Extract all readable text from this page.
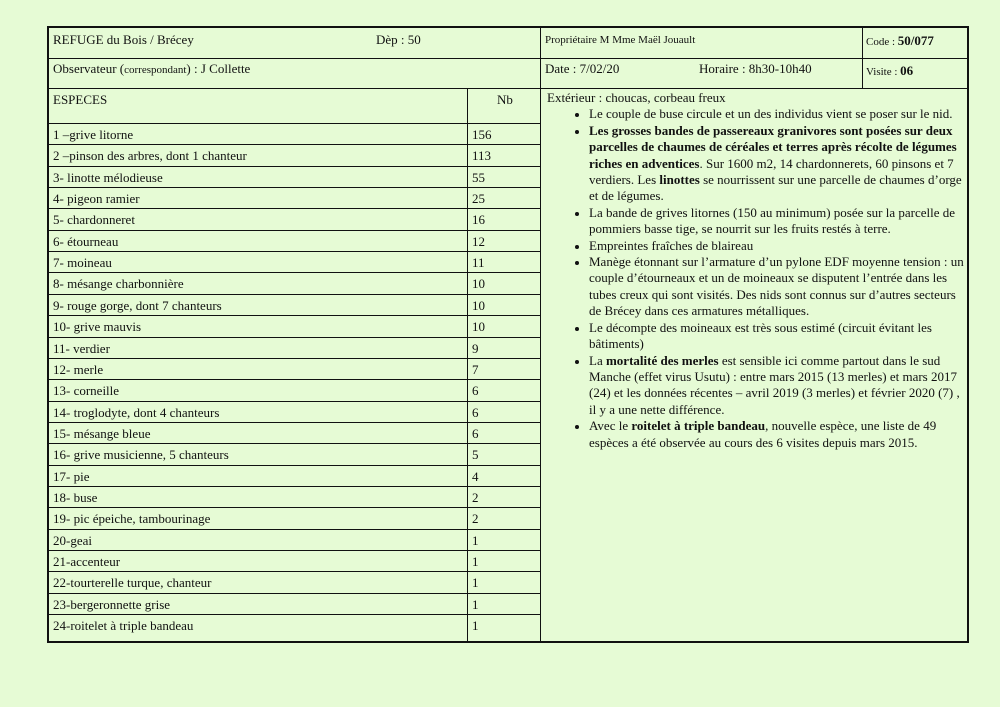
REFUGE du Bois / Brécey	Dèp : 50	Propriétaire M Mme Maël Jouault	Code : 50/077
Observateur (correspondant) : J Collette	Date : 7/02/20	Horaire : 8h30-10h40	Visite : 06
ESPECES	Nb	Extérieur : choucas, corbeau freux
• Le couple de buse circule et un des individus vient se poser sur le nid.
• Les grosses bandes de passereaux granivores sont posées sur deux parcelles de chaumes de céréales et terres après récolte de légumes riches en adventices. Sur 1600 m2, 14 chardonnerets, 60 pinsons et 7 verdiers. Les linottes se nourrissent sur une parcelle de chaumes d’orge et de légumes.
• La bande de grives litornes (150 au minimum) posée sur la parcelle de pommiers basse tige, se nourrit sur les fruits restés à terre.
• Empreintes fraîches de blaireau
• Manège étonnant sur l’armature d’un pylone EDF moyenne tension : un couple d’étourneaux et un de moineaux se disputent l’entrée dans les tubes creux qui sont visités. Des nids sont connus sur d’autres secteurs de Brécey dans ces armatures métalliques.
• Le décompte des moineaux est très sous estimé (circuit évitant les bâtiments)
• La mortalité des merles est sensible ici comme partout dans le sud Manche (effet virus Usutu) : entre mars 2015 (13 merles) et mars 2017 (24) et les données récentes – avril 2019 (3 merles) et février 2020 (7) , il y a une nette différence.
• Avec le roitelet à triple bandeau, nouvelle espèce, une liste de 49 espèces a été observée au cours des 6 visites depuis mars 2015.
1 –grive litorne	156
2 –pinson des arbres, dont 1 chanteur	113
3- linotte mélodieuse	55
4- pigeon ramier	25
5- chardonneret	16
6- étourneau	12
7- moineau	11
8- mésange charbonnière	10
9- rouge gorge, dont 7 chanteurs	10
10- grive mauvis	10
11- verdier	9
12- merle	7
13- corneille	6
14- troglodyte, dont 4 chanteurs	6
15- mésange bleue	6
16- grive musicienne, 5 chanteurs	5
17- pie	4
18- buse	2
19- pic épeiche, tambourinage	2
20-geai	1
21-accenteur	1
22-tourterelle turque, chanteur	1
23-bergeronnette grise	1
24-roitelet à triple bandeau	1
